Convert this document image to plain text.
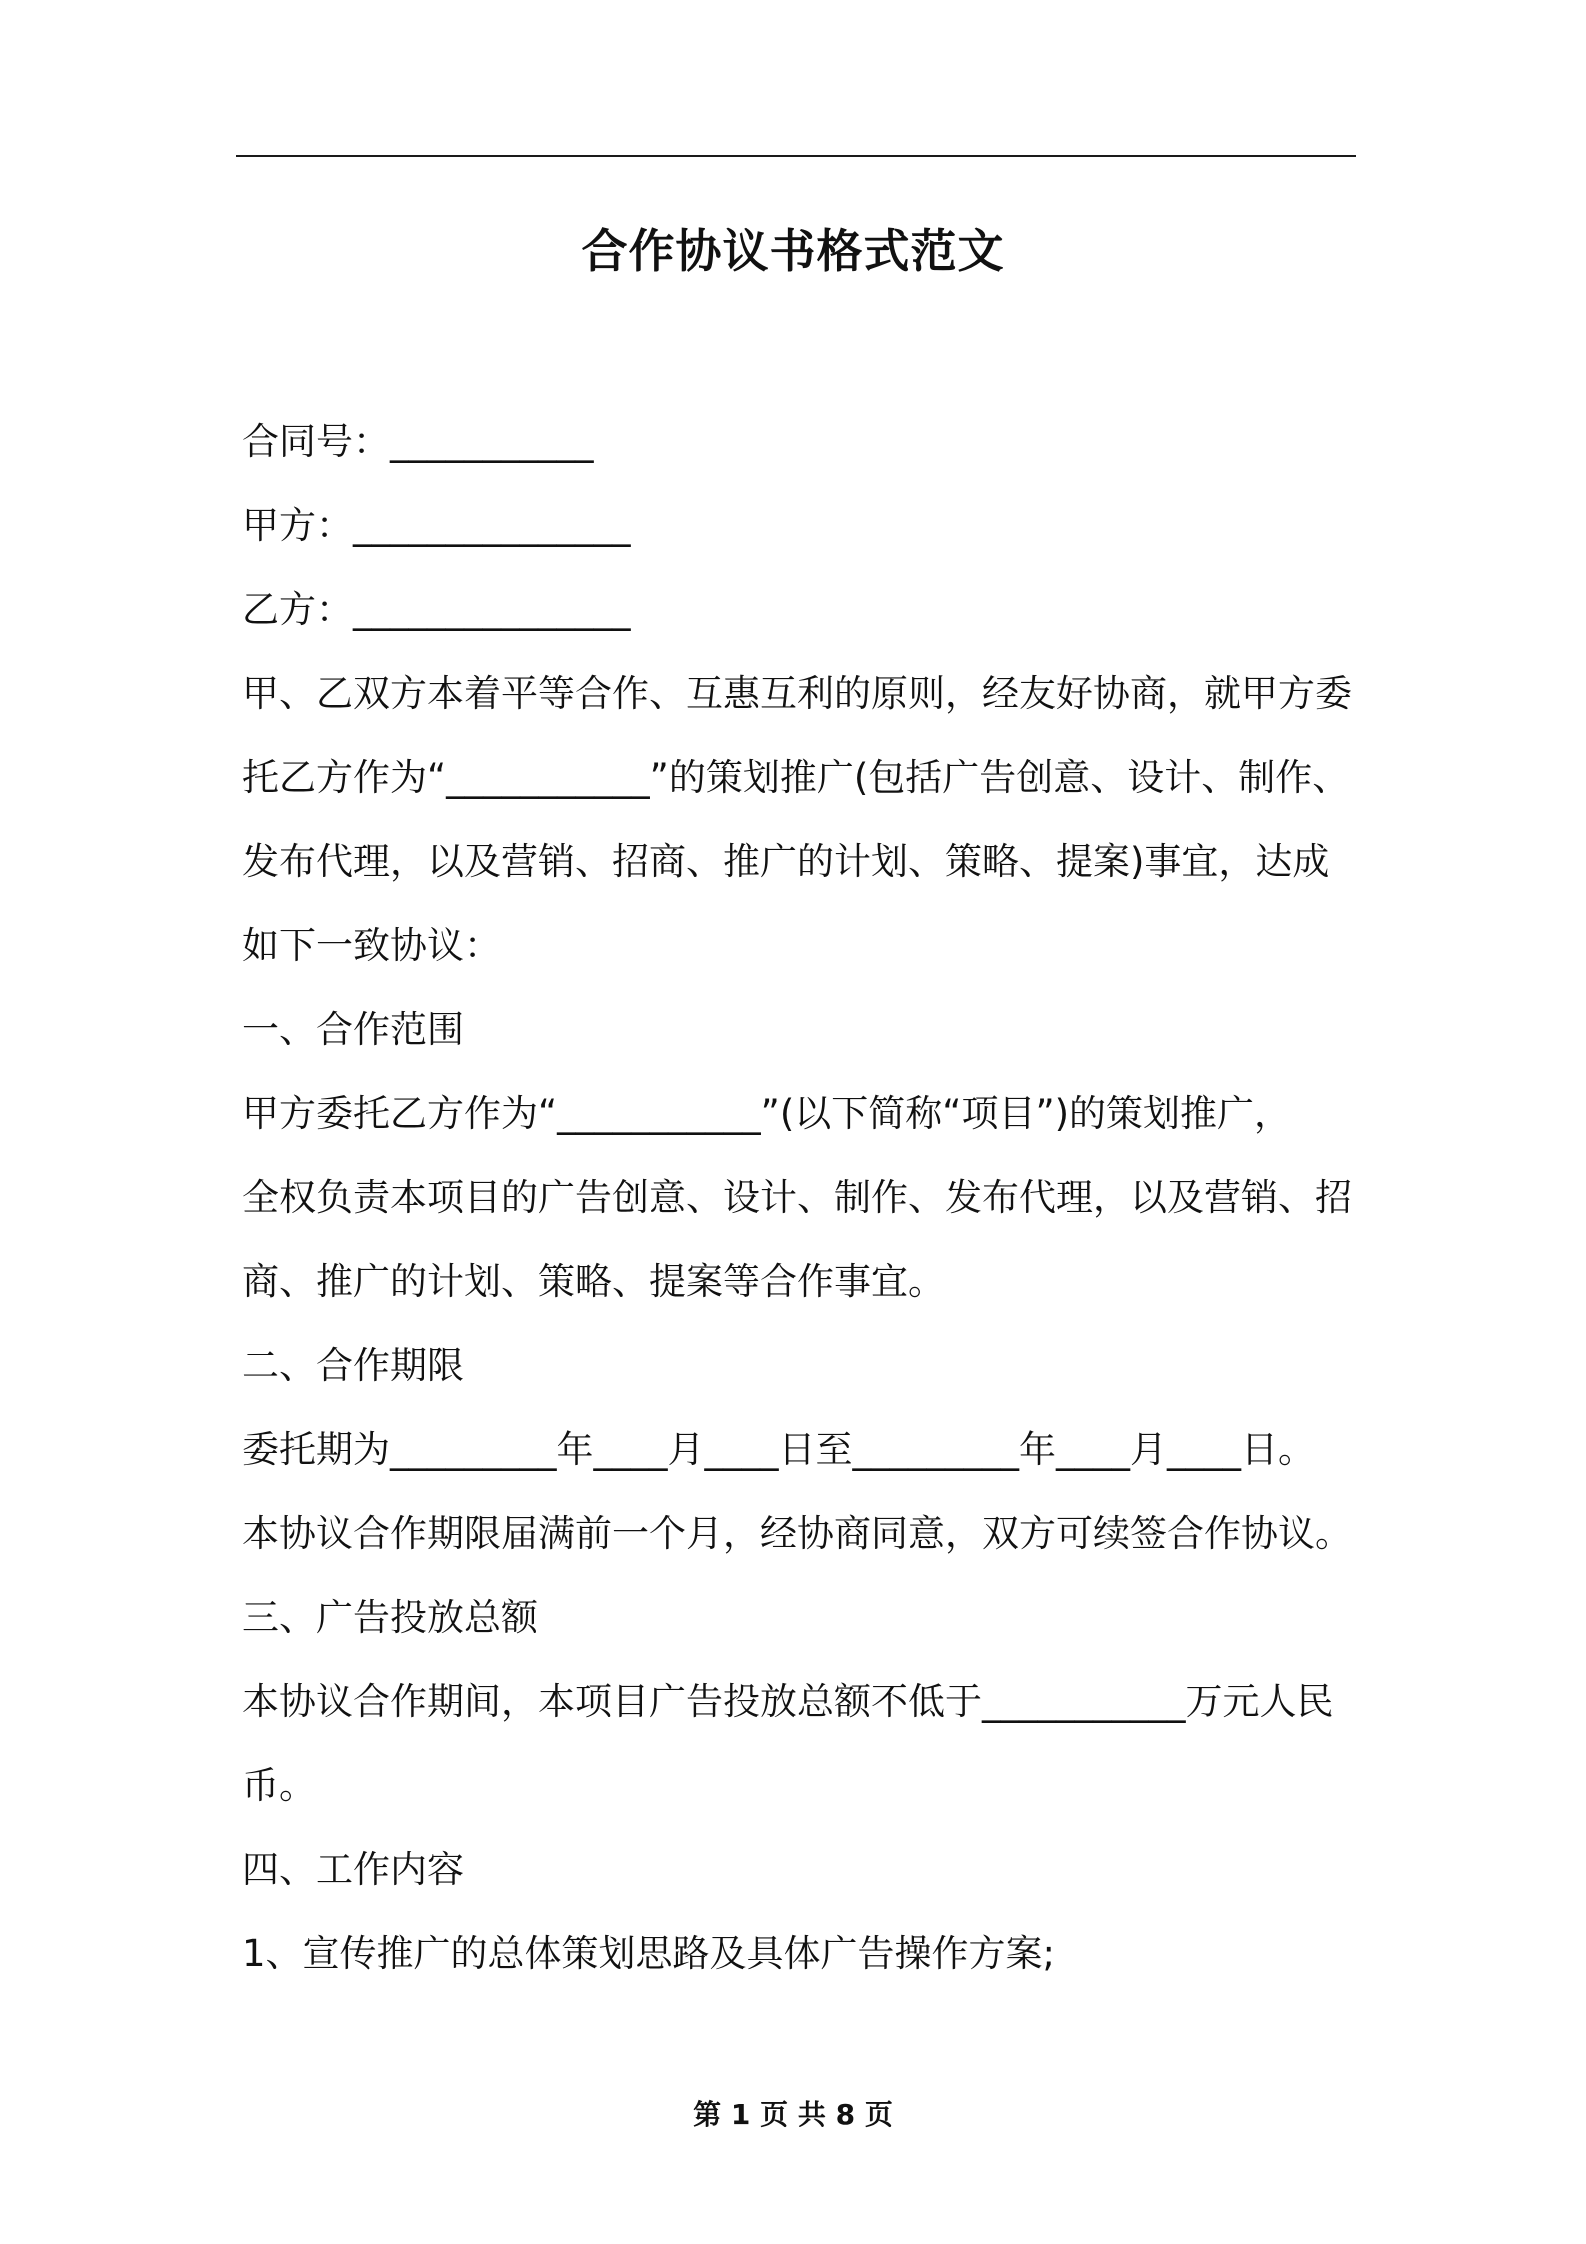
合作协议书格式范文
合同号：___________
甲方：_______________
乙方：_______________
甲、乙双方本着平等合作、互惠互利的原则，经友好协商，就甲方委
托乙方作为“___________”的策划推广(包括广告创意、设计、制作、
发布代理，以及营销、招商、推广的计划、策略、提案)事宜，达成
如下一致协议：
一、合作范围
甲方委托乙方作为“___________”(以下简称“项目”)的策划推广，
全权负责本项目的广告创意、设计、制作、发布代理，以及营销、招
商、推广的计划、策略、提案等合作事宜。
二、合作期限
委托期为_________年____月____日至_________年____月____日。
本协议合作期限届满前一个月，经协商同意，双方可续签合作协议。
三、广告投放总额
本协议合作期间，本项目广告投放总额不低于___________万元人民
币。
四、工作内容
1、宣传推广的总体策划思路及具体广告操作方案;
第 1 页 共 8 页
